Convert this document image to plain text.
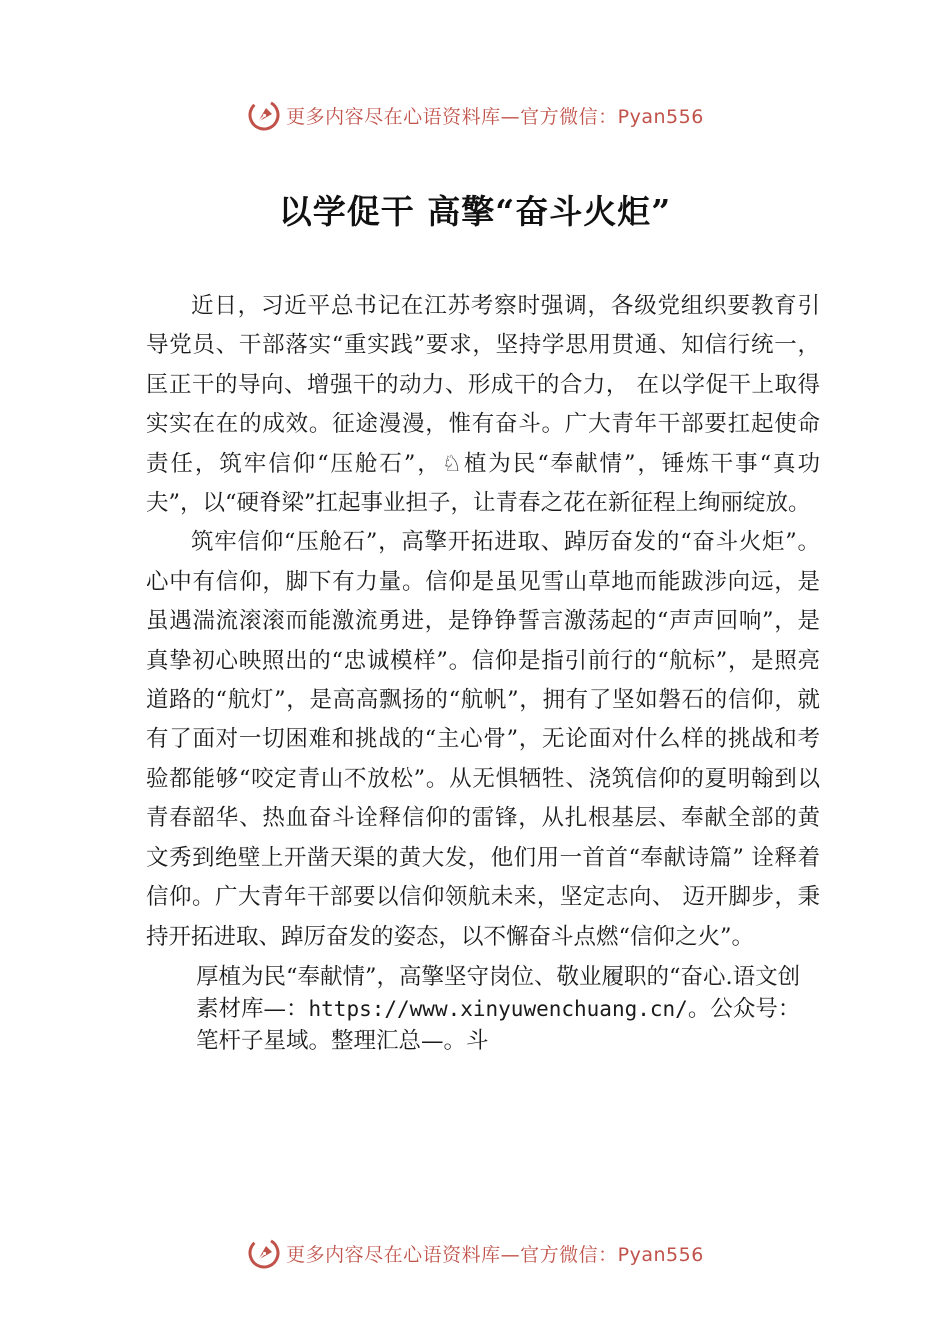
更多内容尽在心语资料库—官方微信：Pyan556
以学促干 高擎“奋斗火炬”

近日，习近平总书记在江苏考察时强调，各级党组织要教育引导党员、干部落实“重实践”要求，坚持学思用贯通、知信行统一，匡正干的导向、增强干的动力、形成干的合力， 在以学促干上取得实实在在的成效。征途漫漫，惟有奋斗。广大青年干部要扛起使命责任，筑牢信仰“压舱石”，♘植为民“奉献情”，锤炼干事“真功夫”，以“硬脊梁”扛起事业担子，让青春之花在新征程上绚丽绽放。

筑牢信仰“压舱石”，高擎开拓进取、踔厉奋发的“奋斗火炬”。心中有信仰，脚下有力量。信仰是虽见雪山草地而能跋涉向远，是虽遇湍流滚滚而能激流勇进，是铮铮誓言激荡起的“声声回响”，是真挚初心映照出的“忠诚模样”。信仰是指引前行的“航标”，是照亮道路的“航灯”，是高高飘扬的“航帆”，拥有了坚如磐石的信仰，就有了面对一切困难和挑战的“主心骨”，无论面对什么样的挑战和考验都能够“咬定青山不放松”。从无惧牺牲、浇筑信仰的夏明翰到以青春韶华、热血奋斗诠释信仰的雷锋，从扎根基层、奉献全部的黄文秀到绝壁上开凿天渠的黄大发，他们用一首首“奉献诗篇” 诠释着信仰。广大青年干部要以信仰领航未来，坚定志向、 迈开脚步，秉持开拓进取、踔厉奋发的姿态，以不懈奋斗点燃“信仰之火”。

厚植为民“奉献情”，高擎坚守岗位、敬业履职的“奋心.语文创素材库—：https://www.xinyuwenchuang.cn/。公众号：笔杆子星域。整理汇总—。斗

更多内容尽在心语资料库—官方微信：Pyan556
